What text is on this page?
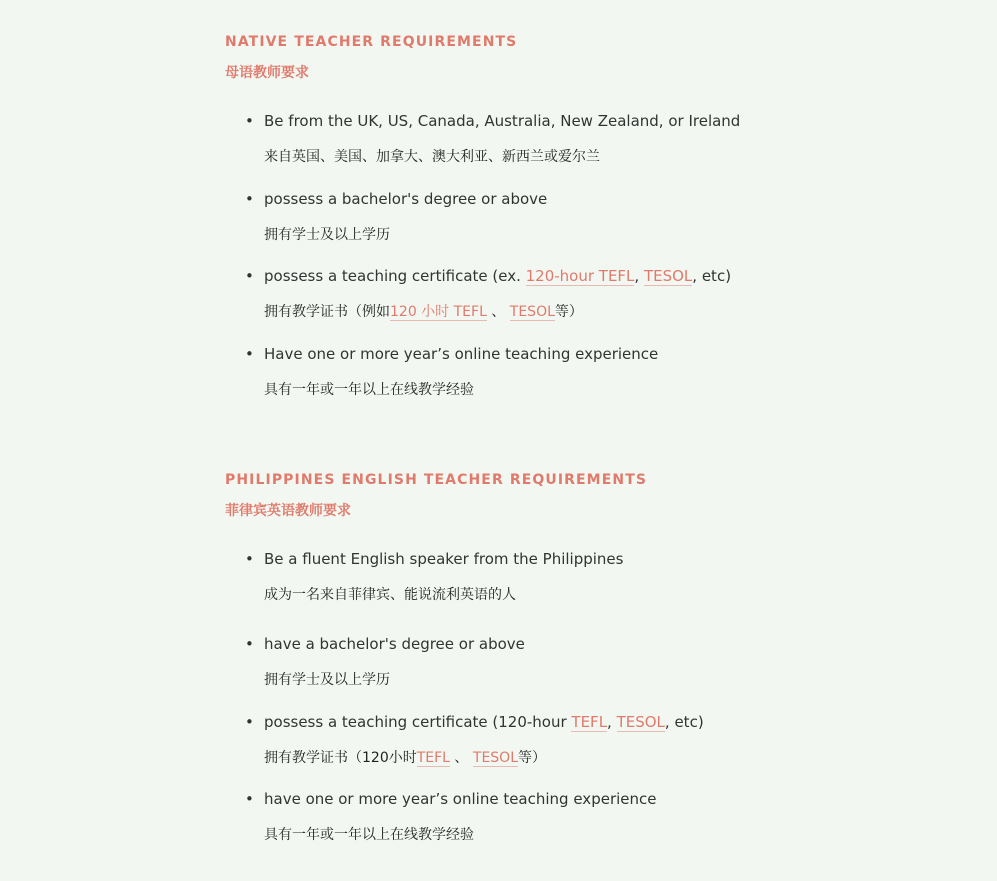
NATIVE TEACHER REQUIREMENTS
母语教师要求
• Be from the UK, US, Canada, Australia, New Zealand, or Ireland
来自英国、美国、加拿大、澳大利亚、新西兰或爱尔兰
• possess a bachelor's degree or above
拥有学士及以上学历
• possess a teaching certificate (ex. 120-hour TEFL, TESOL, etc)
拥有教学证书（例如120 小时 TEFL 、 TESOL等）
• Have one or more year’s online teaching experience
具有一年或一年以上在线教学经验
PHILIPPINES ENGLISH TEACHER REQUIREMENTS
菲律宾英语教师要求
• Be a fluent English speaker from the Philippines
成为一名来自菲律宾、能说流利英语的人
• have a bachelor's degree or above
拥有学士及以上学历
• possess a teaching certificate (120-hour TEFL, TESOL, etc)
拥有教学证书（120小时TEFL 、 TESOL等）
• have one or more year’s online teaching experience
具有一年或一年以上在线教学经验
